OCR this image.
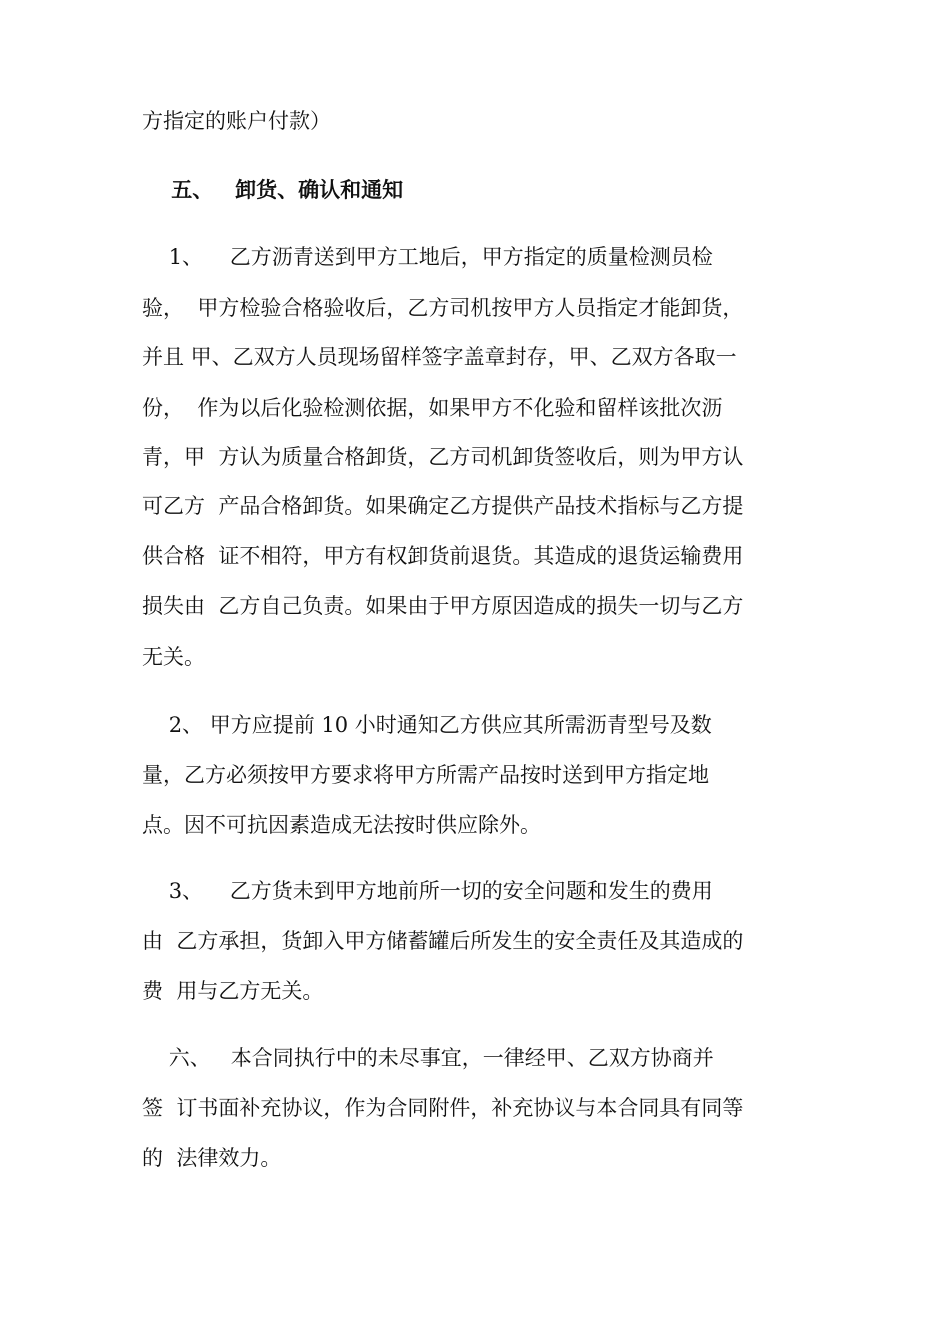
方指定的账户付款）
五、   卸货、确认和通知
1、    乙方沥青送到甲方工地后，甲方指定的质量检测员检
验，  甲方检验合格验收后，乙方司机按甲方人员指定才能卸货，
并且 甲、乙双方人员现场留样签字盖章封存，甲、乙双方各取一
份，  作为以后化验检测依据，如果甲方不化验和留样该批次沥
青，甲  方认为质量合格卸货，乙方司机卸货签收后，则为甲方认
可乙方  产品合格卸货。如果确定乙方提供产品技术指标与乙方提
供合格  证不相符，甲方有权卸货前退货。其造成的退货运输费用
损失由  乙方自己负责。如果由于甲方原因造成的损失一切与乙方
无关。
2、 甲方应提前 10 小时通知乙方供应其所需沥青型号及数
量，乙方必须按甲方要求将甲方所需产品按时送到甲方指定地
点。因不可抗因素造成无法按时供应除外。
3、    乙方货未到甲方地前所一切的安全问题和发生的费用
由  乙方承担，货卸入甲方储蓄罐后所发生的安全责任及其造成的
费  用与乙方无关。
六、   本合同执行中的未尽事宜，一律经甲、乙双方协商并
签  订书面补充协议，作为合同附件，补充协议与本合同具有同等
的  法律效力。
